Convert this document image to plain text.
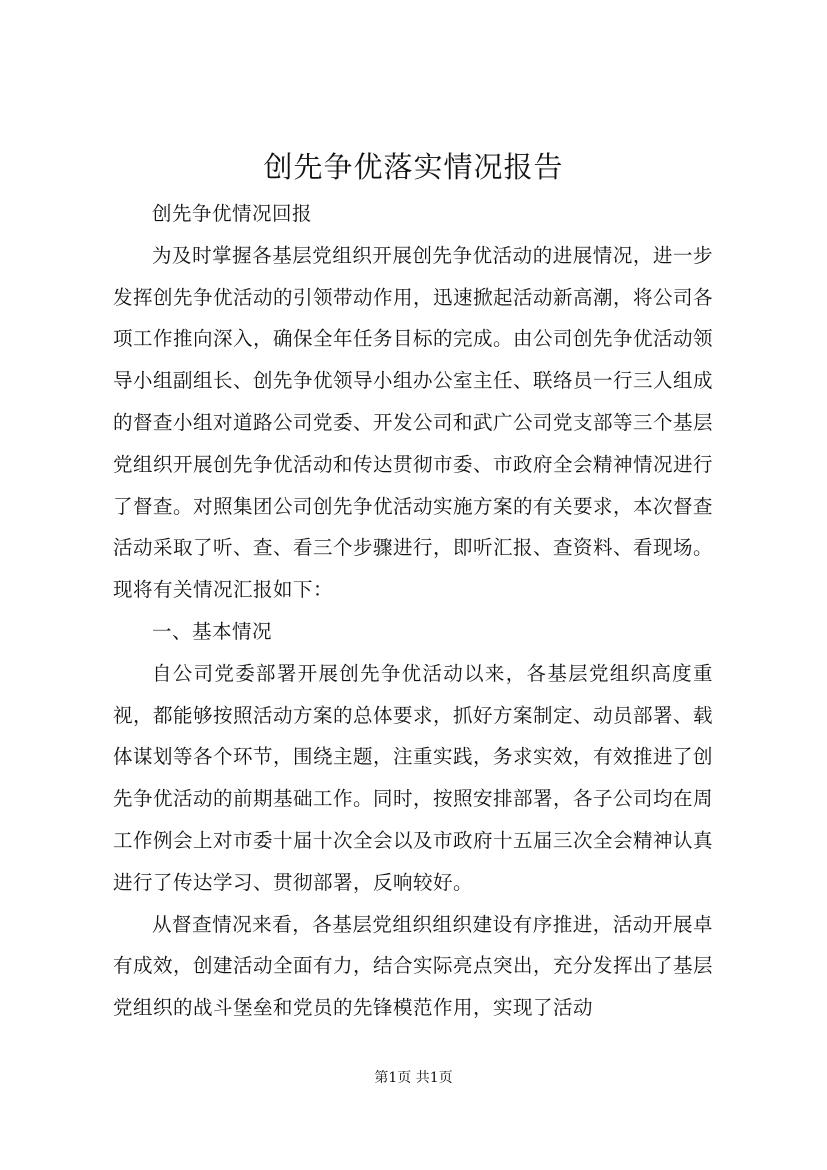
创先争优落实情况报告

创先争优情况回报

为及时掌握各基层党组织开展创先争优活动的进展情况，进一步发挥创先争优活动的引领带动作用，迅速掀起活动新高潮，将公司各项工作推向深入，确保全年任务目标的完成。由公司创先争优活动领导小组副组长、创先争优领导小组办公室主任、联络员一行三人组成的督查小组对道路公司党委、开发公司和武广公司党支部等三个基层党组织开展创先争优活动和传达贯彻市委、市政府全会精神情况进行了督查。对照集团公司创先争优活动实施方案的有关要求，本次督查活动采取了听、查、看三个步骤进行，即听汇报、查资料、看现场。现将有关情况汇报如下：

一、基本情况

自公司党委部署开展创先争优活动以来，各基层党组织高度重视，都能够按照活动方案的总体要求，抓好方案制定、动员部署、载体谋划等各个环节，围绕主题，注重实践，务求实效，有效推进了创先争优活动的前期基础工作。同时，按照安排部署，各子公司均在周工作例会上对市委十届十次全会以及市政府十五届三次全会精神认真进行了传达学习、贯彻部署，反响较好。

从督查情况来看，各基层党组织组织建设有序推进，活动开展卓有成效，创建活动全面有力，结合实际亮点突出，充分发挥出了基层党组织的战斗堡垒和党员的先锋模范作用，实现了活动

第1页 共1页
